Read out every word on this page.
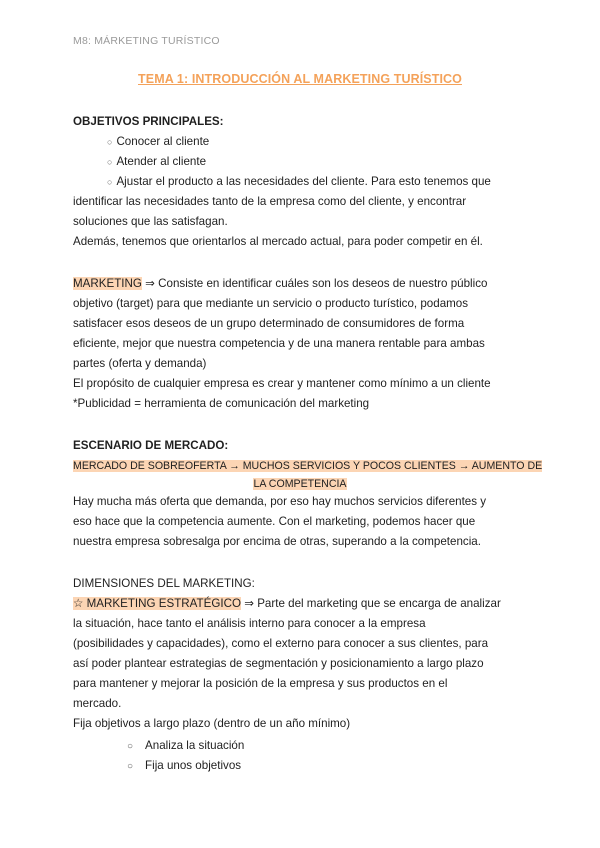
M8: MÁRKETING TURÍSTICO
TEMA 1: INTRODUCCIÓN AL MARKETING TURÍSTICO
OBJETIVOS PRINCIPALES:
○ Conocer al cliente
○ Atender al cliente
○ Ajustar el producto a las necesidades del cliente. Para esto tenemos que
identificar las necesidades tanto de la empresa como del cliente, y encontrar
soluciones que las satisfagan.
Además, tenemos que orientarlos al mercado actual, para poder competir en él.
MARKETING ⇒ Consiste en identificar cuáles son los deseos de nuestro público
objetivo (target) para que mediante un servicio o producto turístico, podamos
satisfacer esos deseos de un grupo determinado de consumidores de forma
eficiente, mejor que nuestra competencia y de una manera rentable para ambas
partes (oferta y demanda)
El propósito de cualquier empresa es crear y mantener como mínimo a un cliente
*Publicidad = herramienta de comunicación del marketing
ESCENARIO DE MERCADO:
MERCADO DE SOBREOFERTA → MUCHOS SERVICIOS Y POCOS CLIENTES → AUMENTO DE
LA COMPETENCIA
Hay mucha más oferta que demanda, por eso hay muchos servicios diferentes y
eso hace que la competencia aumente. Con el marketing, podemos hacer que
nuestra empresa sobresalga por encima de otras, superando a la competencia.
DIMENSIONES DEL MARKETING:
☆ MARKETING ESTRATÉGICO ⇒ Parte del marketing que se encarga de analizar
la situación, hace tanto el análisis interno para conocer a la empresa
(posibilidades y capacidades), como el externo para conocer a sus clientes, para
así poder plantear estrategias de segmentación y posicionamiento a largo plazo
para mantener y mejorar la posición de la empresa y sus productos en el
mercado.
Fija objetivos a largo plazo (dentro de un año mínimo)
○ Analiza la situación
○ Fija unos objetivos
